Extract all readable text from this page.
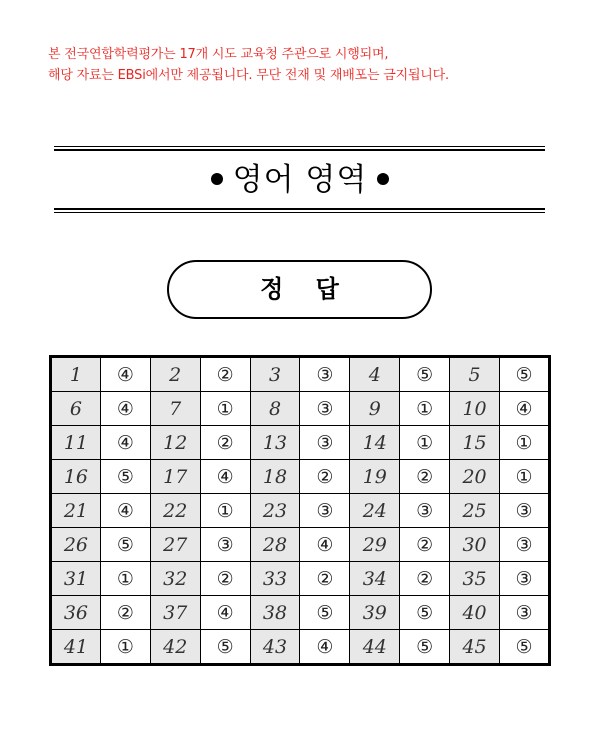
본 전국연합학력평가는 17개 시도 교육청 주관으로 시행되며,
해당 자료는 EBSi에서만 제공됩니다. 무단 전재 및 재배포는 금지됩니다.
영어 영역
정 답
1	④	2	②	3	③	4	⑤	5	⑤
6	④	7	①	8	③	9	①	10	④
11	④	12	②	13	③	14	①	15	①
16	⑤	17	④	18	②	19	②	20	①
21	④	22	①	23	③	24	③	25	③
26	⑤	27	③	28	④	29	②	30	③
31	①	32	②	33	②	34	②	35	③
36	②	37	④	38	⑤	39	⑤	40	③
41	①	42	⑤	43	④	44	⑤	45	⑤
